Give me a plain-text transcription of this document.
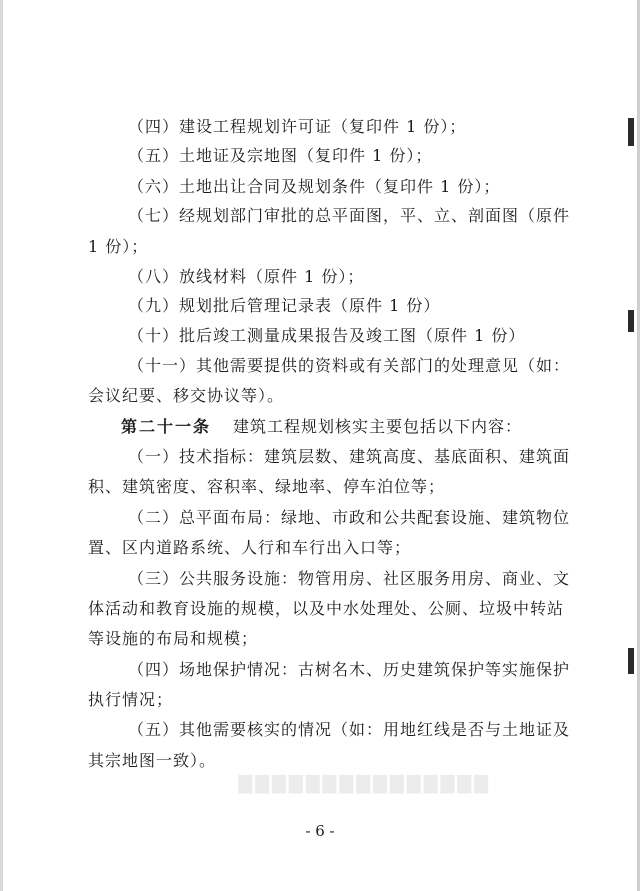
（四）建设工程规划许可证（复印件 1 份）；
（五）土地证及宗地图（复印件 1 份）；
（六）土地出让合同及规划条件（复印件 1 份）；
（七）经规划部门审批的总平面图，平、立、剖面图（原件
1 份）；
（八）放线材料（原件 1 份）；
（九）规划批后管理记录表（原件 1 份）
（十）批后竣工测量成果报告及竣工图（原件 1 份）
（十一）其他需要提供的资料或有关部门的处理意见（如：
会议纪要、移交协议等）。
第二十一条 建筑工程规划核实主要包括以下内容：
（一）技术指标：建筑层数、建筑高度、基底面积、建筑面
积、建筑密度、容积率、绿地率、停车泊位等；
（二）总平面布局：绿地、市政和公共配套设施、建筑物位
置、区内道路系统、人行和车行出入口等；
（三）公共服务设施：物管用房、社区服务用房、商业、文
体活动和教育设施的规模，以及中水处理处、公厕、垃圾中转站
等设施的布局和规模；
（四）场地保护情况：古树名木、历史建筑保护等实施保护
执行情况；
（五）其他需要核实的情况（如：用地红线是否与土地证及
其宗地图一致）。
▇▇▇▇▇▇▇▇▇▇▇▇▇▇▇
- 6 -
